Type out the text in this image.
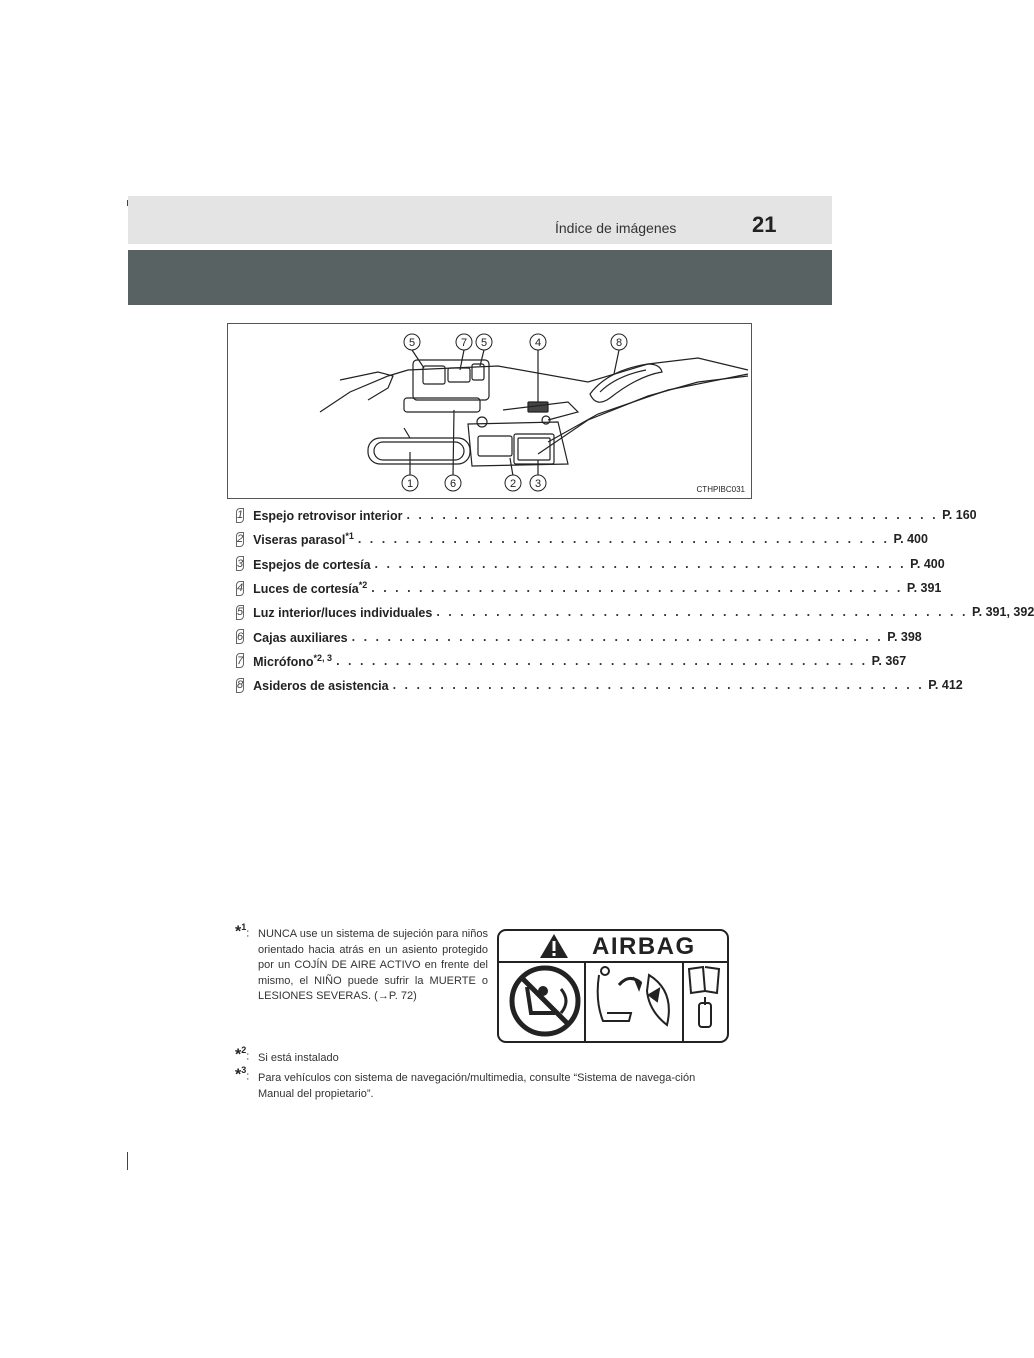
Índice de imágenes	21
5	7 5	4	8
1	6	2 3	CTHPIBC031
1 Espejo retrovisor interior . . . . . . . . . . . . . . . . . . . . . . . . . . . . . . . . . . . . . . . . . . . . . P. 160
2 Viseras parasol$^{*1}$ . . . . . . . . . . . . . . . . . . . . . . . . . . . . . . . . . . . . . . . . . . . . . P. 400
3 Espejos de cortesía . . . . . . . . . . . . . . . . . . . . . . . . . . . . . . . . . . . . . . . . . . . . . P. 400
4 Luces de cortesía$^{*2}$ . . . . . . . . . . . . . . . . . . . . . . . . . . . . . . . . . . . . . . . . . . . . . P. 391
5 Luz interior/luces individuales . . . . . . . . . . . . . . . . . . . . . . . . . . . . . . . . . . . . . . . . . . . . . P. 391, 392
6 Cajas auxiliares . . . . . . . . . . . . . . . . . . . . . . . . . . . . . . . . . . . . . . . . . . . . . P. 398
7 Micrófono$^{*2, 3}$ . . . . . . . . . . . . . . . . . . . . . . . . . . . . . . . . . . . . . . . . . . . . . P. 367
8 Asideros de asistencia . . . . . . . . . . . . . . . . . . . . . . . . . . . . . . . . . . . . . . . . . . . . . P. 412
*$^1$: NUNCA use un sistema de sujeción para niños orientado hacia atrás en un asiento protegido por un COJÍN DE AIRE ACTIVO en frente del mismo, el NIÑO puede sufrir la MUERTE o LESIONES SEVERAS. (→P. 72)
AIRBAG
*$^2$: Si está instalado
*$^3$: Para vehículos con sistema de navegación/multimedia, consulte “Sistema de navega-ción Manual del propietario”.
